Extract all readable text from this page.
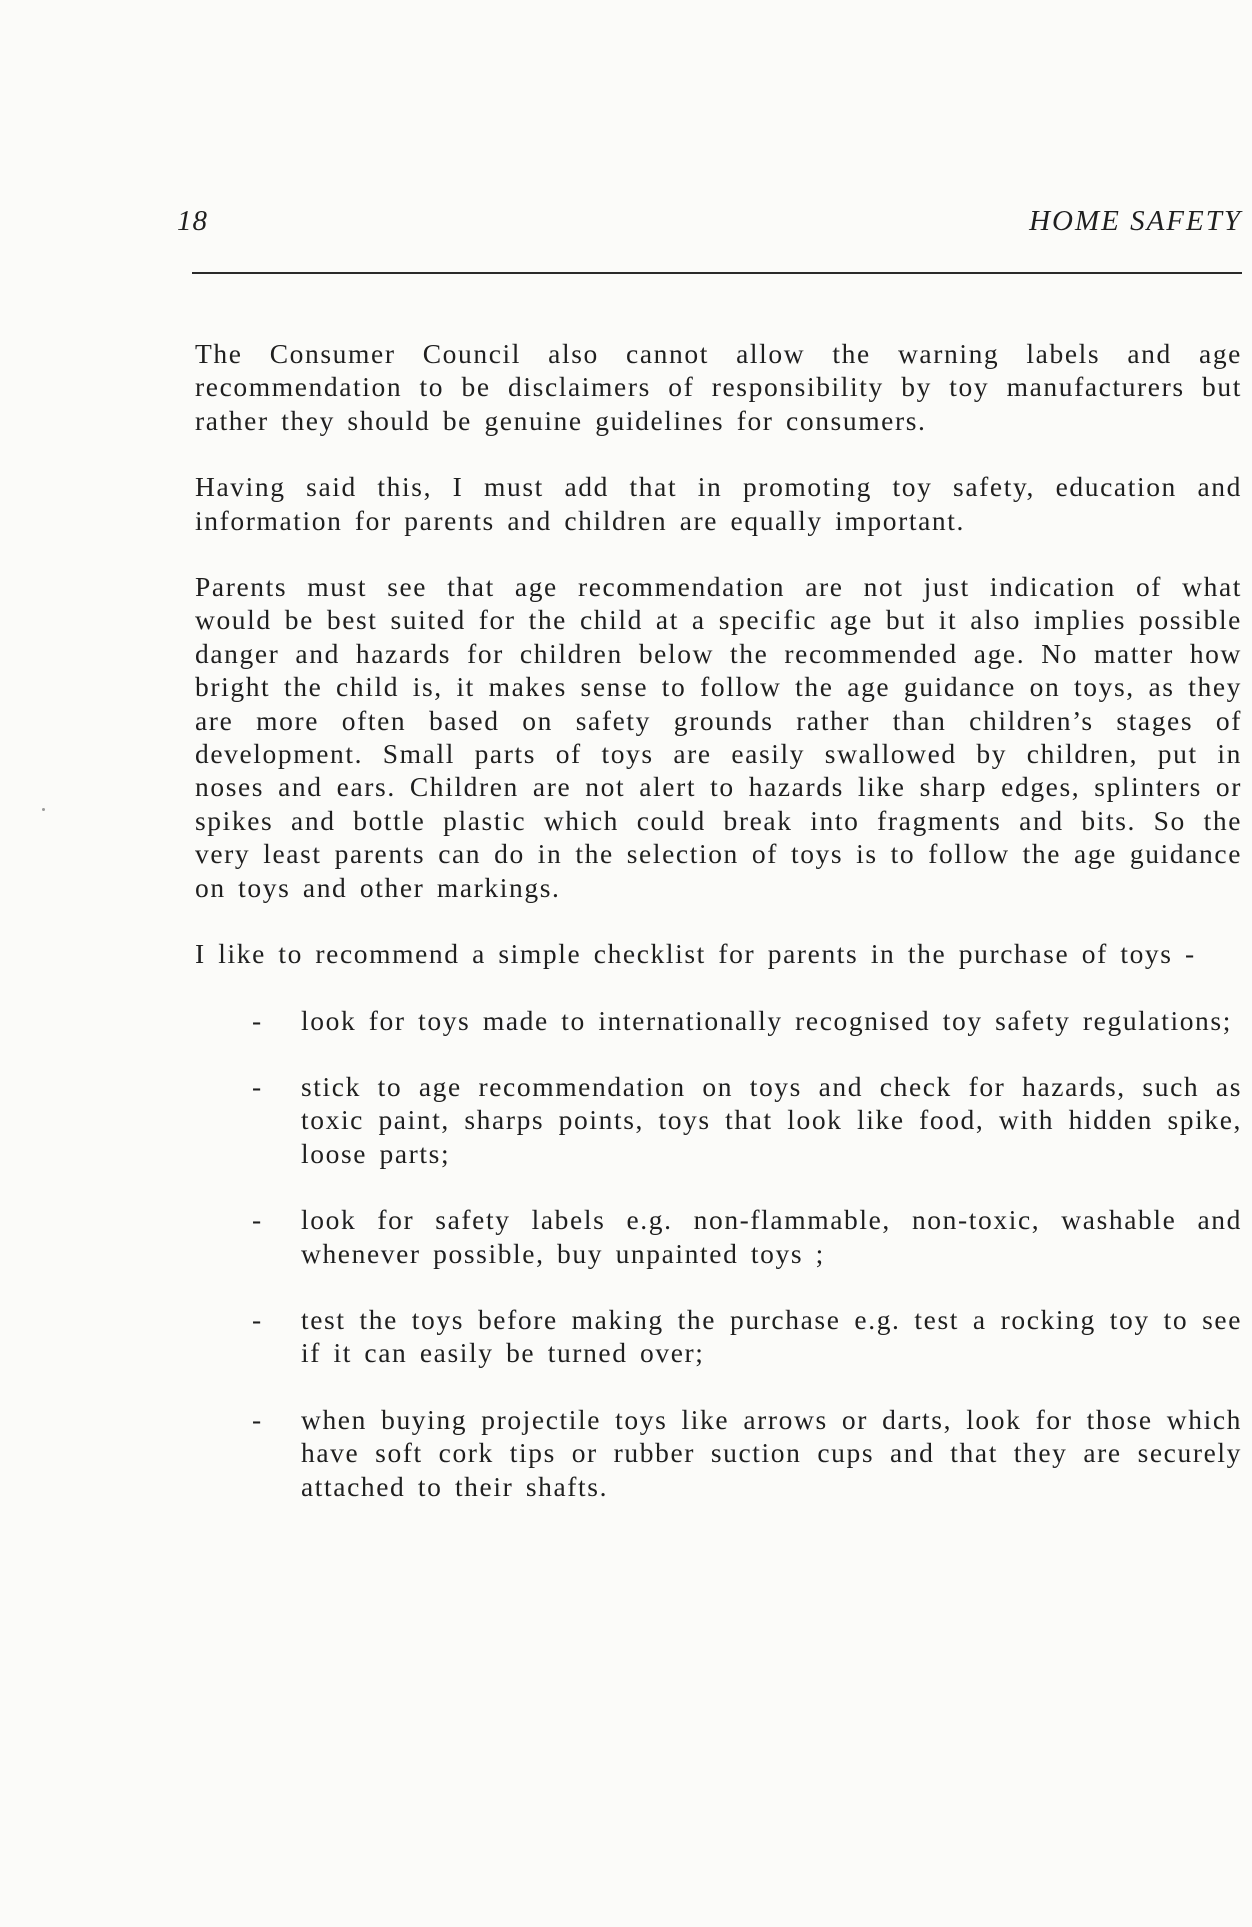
18	HOME SAFETY

The Consumer Council also cannot allow the warning labels and age recommendation to be disclaimers of responsibility by toy manufacturers but rather they should be genuine guidelines for consumers.

Having said this, I must add that in promoting toy safety, education and information for parents and children are equally important.

Parents must see that age recommendation are not just indication of what would be best suited for the child at a specific age but it also implies possible danger and hazards for children below the recommended age. No matter how bright the child is, it makes sense to follow the age guidance on toys, as they are more often based on safety grounds rather than children’s stages of development. Small parts of toys are easily swallowed by children, put in noses and ears. Children are not alert to hazards like sharp edges, splinters or spikes and bottle plastic which could break into fragments and bits. So the very least parents can do in the selection of toys is to follow the age guidance on toys and other markings.

I like to recommend a simple checklist for parents in the purchase of toys -

- look for toys made to internationally recognised toy safety regulations;
- stick to age recommendation on toys and check for hazards, such as toxic paint, sharps points, toys that look like food, with hidden spike, loose parts;
- look for safety labels e.g. non-flammable, non-toxic, washable and whenever possible, buy unpainted toys ;
- test the toys before making the purchase e.g. test a rocking toy to see if it can easily be turned over;
- when buying projectile toys like arrows or darts, look for those which have soft cork tips or rubber suction cups and that they are securely attached to their shafts.
